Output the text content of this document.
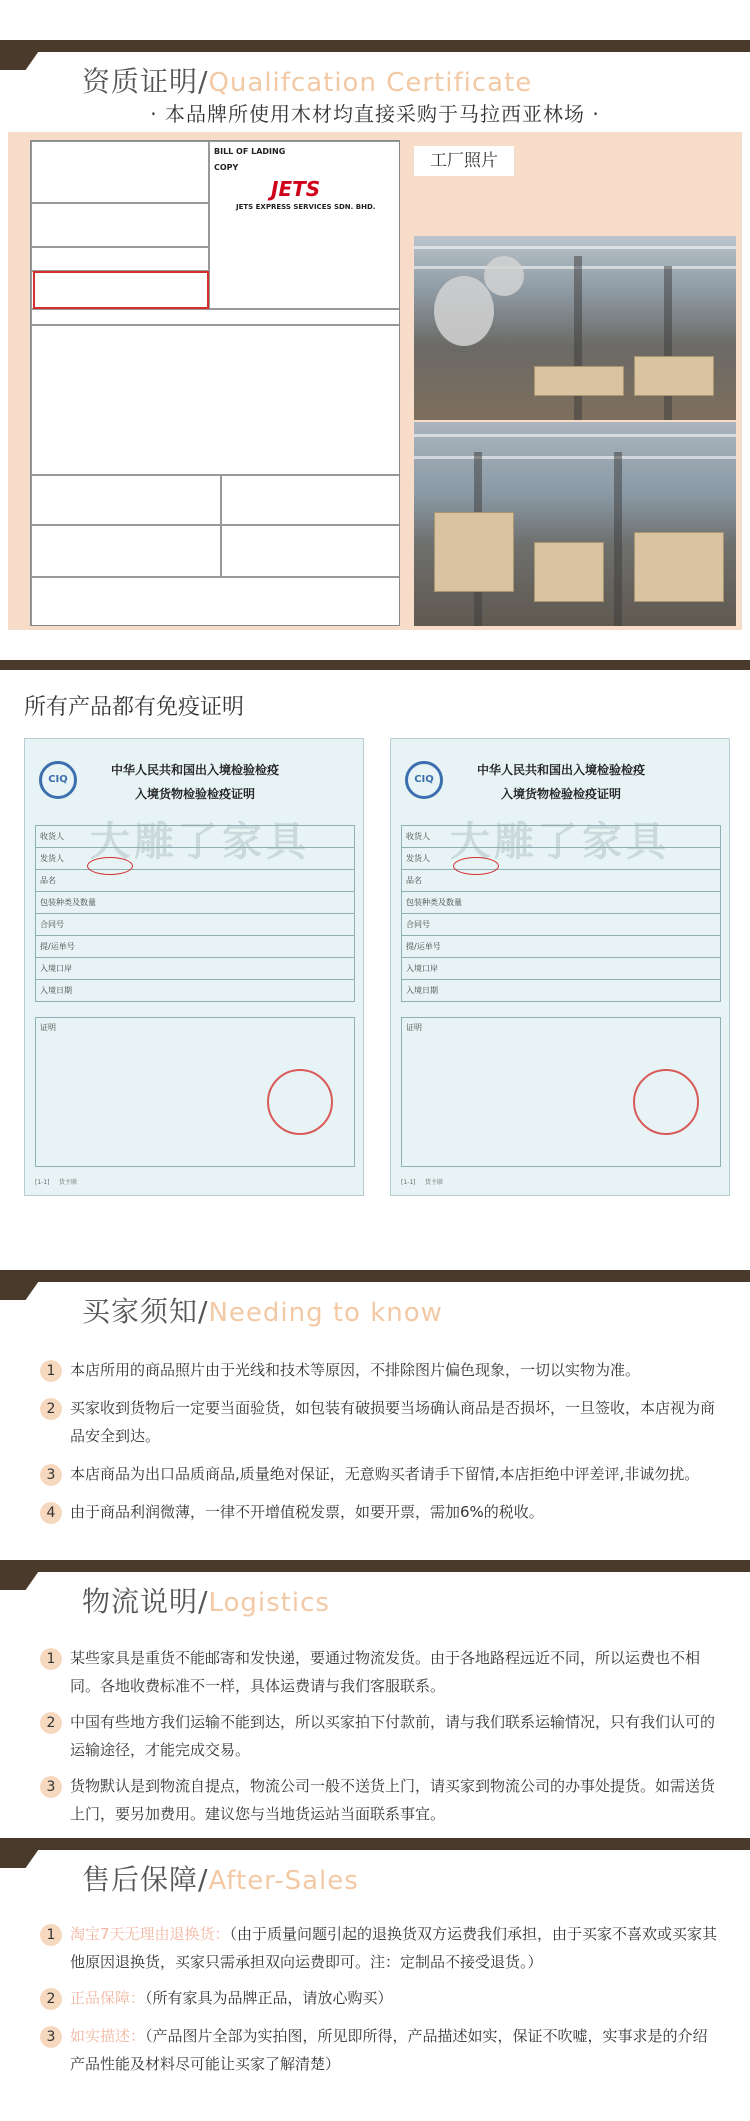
资质证明/Qualifcation Certificate
· 本品牌所使用木材均直接采购于马拉西亚林场 ·
BILL OF LADING
COPY
JETS
JETS EXPRESS SERVICES SDN. BHD.
工厂照片
所有产品都有免疫证明
CIQ
中华人民共和国出入境检验检疫
入境货物检验检疫证明
收货人
发货人
品名
包装种类及数量
合同号
提/运单号
入境口岸
入境日期
证明
[1-1] 货主联
大雕了家具
CIQ
中华人民共和国出入境检验检疫
入境货物检验检疫证明
收货人
发货人
品名
包装种类及数量
合同号
提/运单号
入境口岸
入境日期
证明
[1-1] 货主联
大雕了家具
买家须知/Needing to know
1 本店所用的商品照片由于光线和技术等原因，不排除图片偏色现象，一切以实物为准。
2 买家收到货物后一定要当面验货，如包装有破损要当场确认商品是否损坏，一旦签收，本店视为商品安全到达。
3 本店商品为出口品质商品,质量绝对保证，无意购买者请手下留情,本店拒绝中评差评,非诚勿扰。
4 由于商品利润微薄，一律不开增值税发票，如要开票，需加6%的税收。
物流说明/Logistics
1 某些家具是重货不能邮寄和发快递，要通过物流发货。由于各地路程远近不同，所以运费也不相同。各地收费标准不一样，具体运费请与我们客服联系。
2 中国有些地方我们运输不能到达，所以买家拍下付款前，请与我们联系运输情况，只有我们认可的运输途径，才能完成交易。
3 货物默认是到物流自提点，物流公司一般不送货上门，请买家到物流公司的办事处提货。如需送货上门，要另加费用。建议您与当地货运站当面联系事宜。
售后保障/After-Sales
1 淘宝7天无理由退换货：（由于质量问题引起的退换货双方运费我们承担，由于买家不喜欢或买家其他原因退换货，买家只需承担双向运费即可。注：定制品不接受退货。）
2 正品保障：（所有家具为品牌正品，请放心购买）
3 如实描述：（产品图片全部为实拍图，所见即所得，产品描述如实，保证不吹嘘，实事求是的介绍产品性能及材料尽可能让买家了解清楚）
